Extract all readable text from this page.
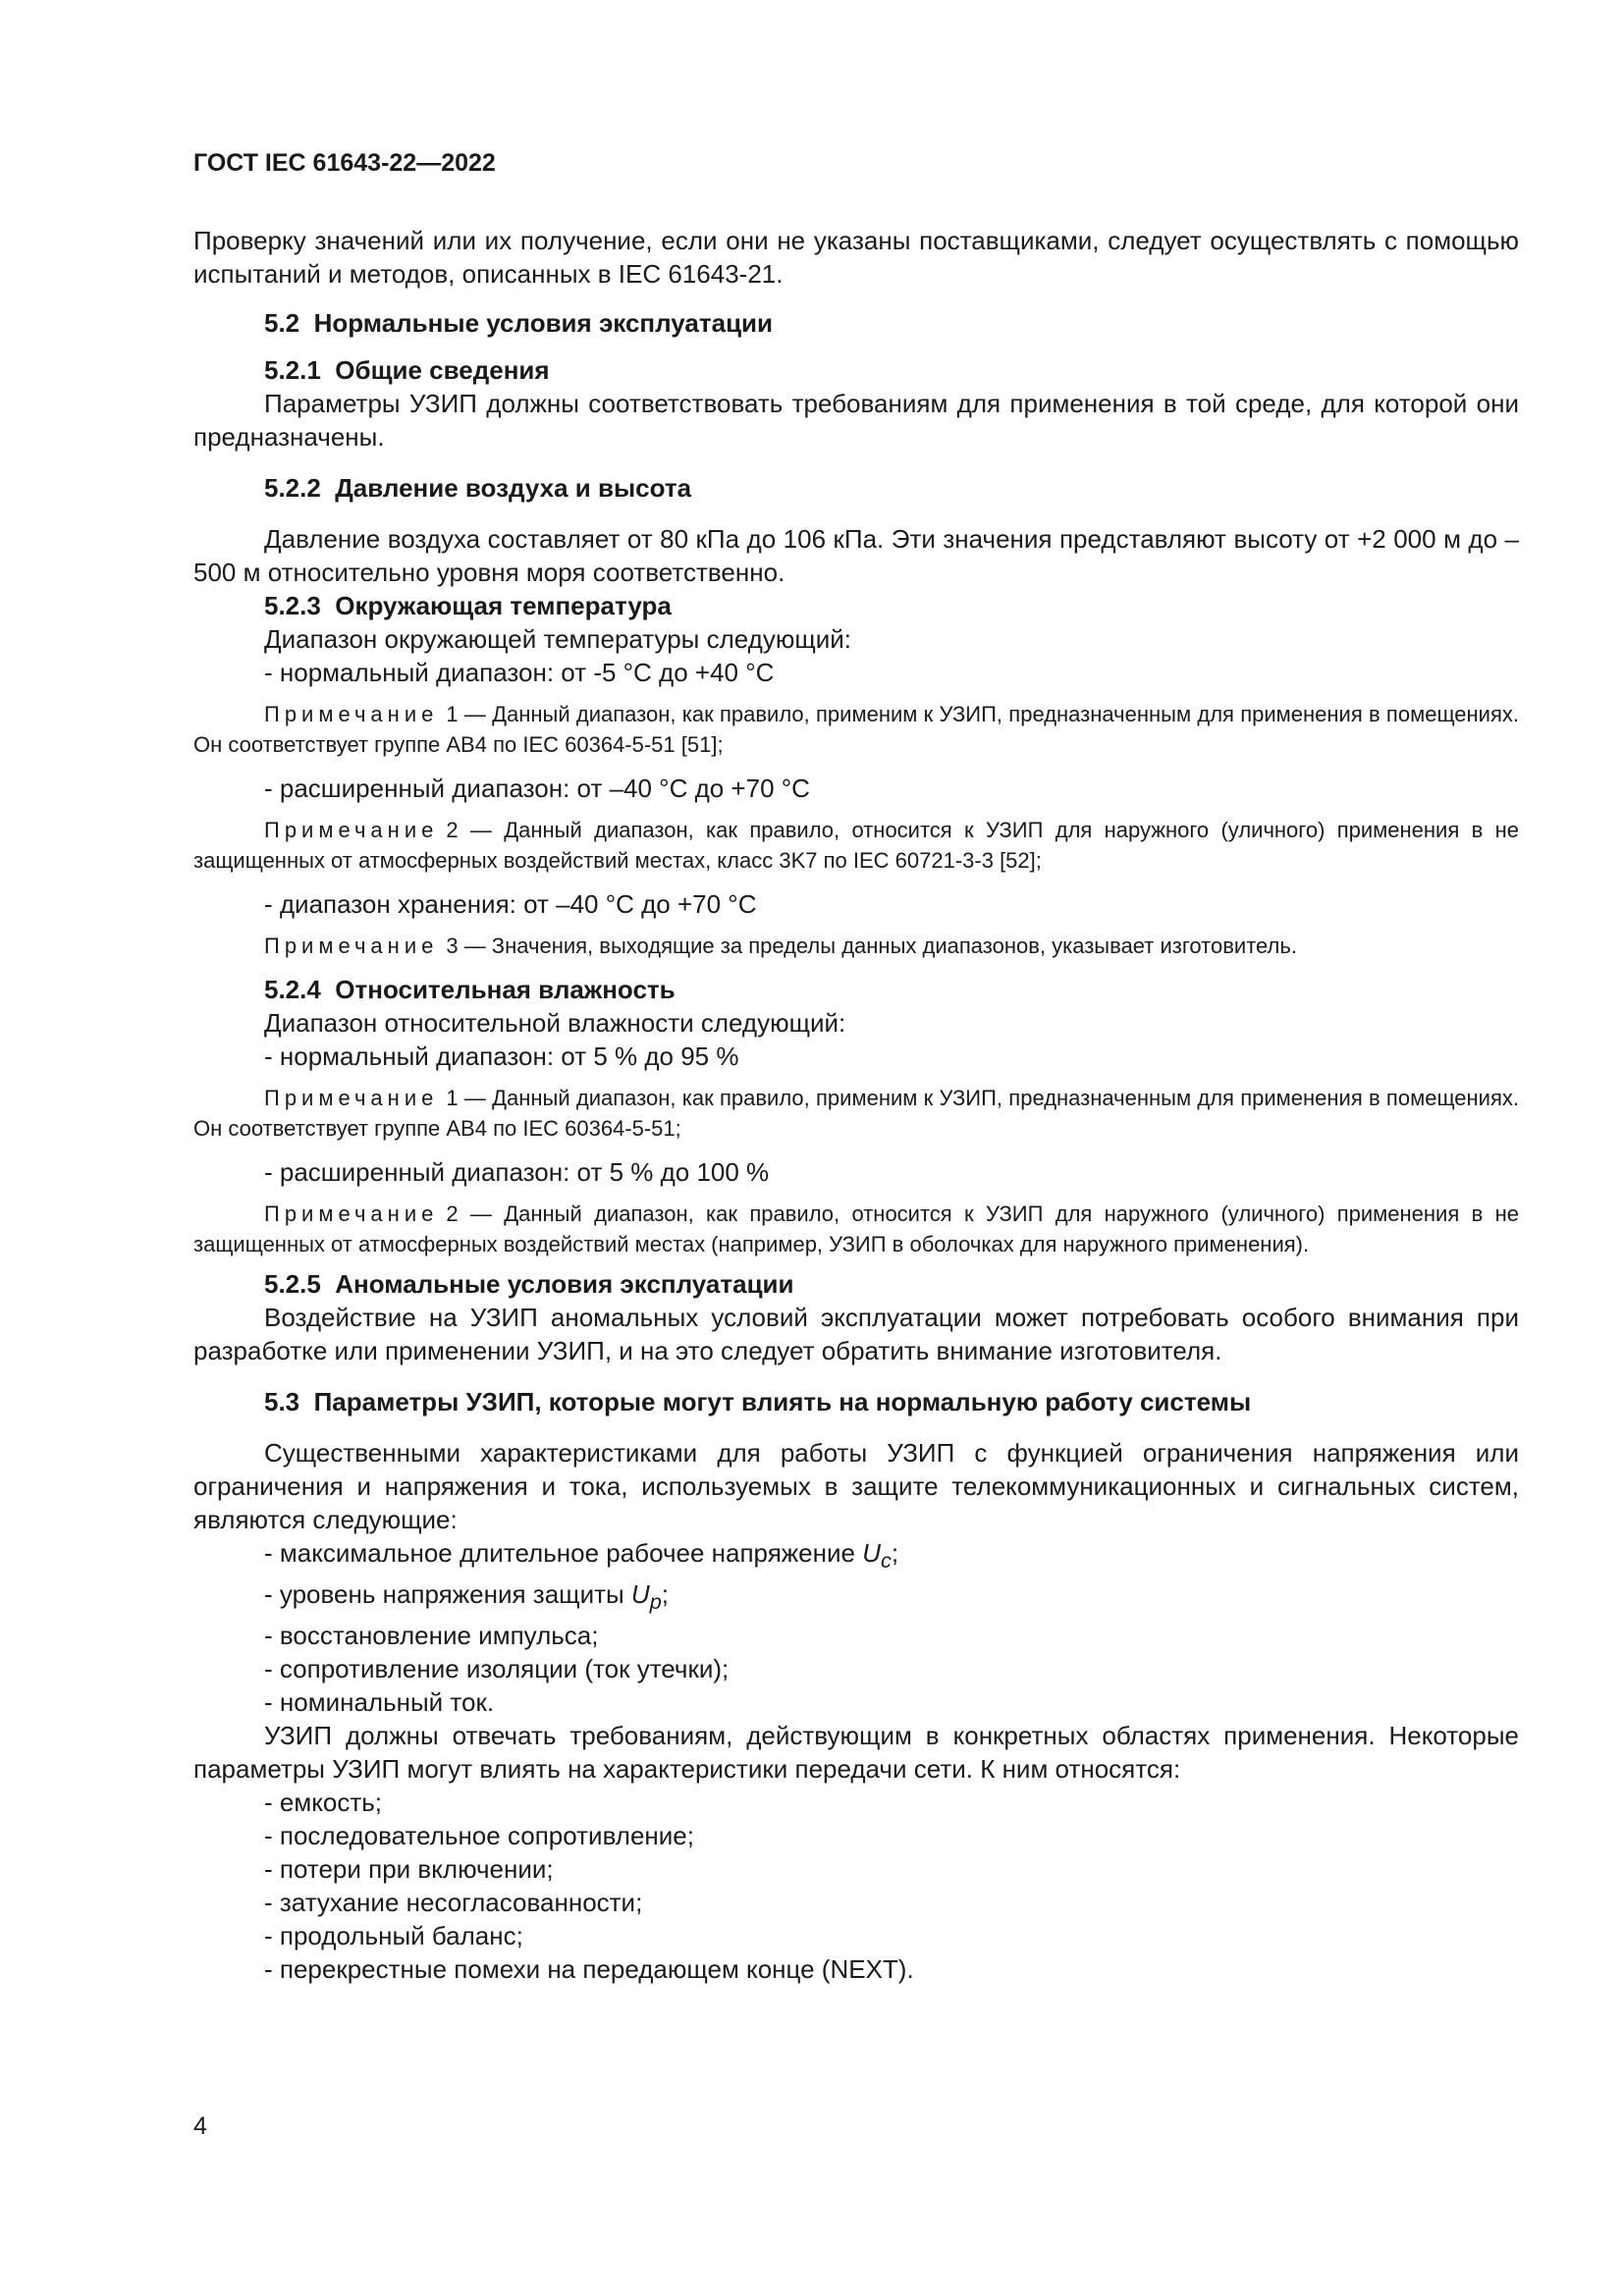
ГОСТ IEC 61643-22—2022

Проверку значений или их получение, если они не указаны поставщиками, следует осуществлять с помощью испытаний и методов, описанных в IEC 61643-21.

5.2 Нормальные условия эксплуатации

5.2.1 Общие сведения

Параметры УЗИП должны соответствовать требованиям для применения в той среде, для которой они предназначены.

5.2.2 Давление воздуха и высота

Давление воздуха составляет от 80 кПа до 106 кПа. Эти значения представляют высоту от +2 000 м до –500 м относительно уровня моря соответственно.

5.2.3 Окружающая температура

Диапазон окружающей температуры следующий:

- нормальный диапазон: от -5 °С до +40 °С

Примечание 1 — Данный диапазон, как правило, применим к УЗИП, предназначенным для применения в помещениях. Он соответствует группе АВ4 по IEC 60364-5-51 [51];

- расширенный диапазон: от –40 °С до +70 °С

Примечание 2 — Данный диапазон, как правило, относится к УЗИП для наружного (уличного) применения в не защищенных от атмосферных воздействий местах, класс 3K7 по IEC 60721-3-3 [52];

- диапазон хранения: от –40 °С до +70 °С

Примечание 3 — Значения, выходящие за пределы данных диапазонов, указывает изготовитель.

5.2.4 Относительная влажность

Диапазон относительной влажности следующий:

- нормальный диапазон: от 5 % до 95 %

Примечание 1 — Данный диапазон, как правило, применим к УЗИП, предназначенным для применения в помещениях. Он соответствует группе АВ4 по IEC 60364-5-51;

- расширенный диапазон: от 5 % до 100 %

Примечание 2 — Данный диапазон, как правило, относится к УЗИП для наружного (уличного) применения в не защищенных от атмосферных воздействий местах (например, УЗИП в оболочках для наружного применения).

5.2.5 Аномальные условия эксплуатации

Воздействие на УЗИП аномальных условий эксплуатации может потребовать особого внимания при разработке или применении УЗИП, и на это следует обратить внимание изготовителя.

5.3 Параметры УЗИП, которые могут влиять на нормальную работу системы

Существенными характеристиками для работы УЗИП с функцией ограничения напряжения или ограничения и напряжения и тока, используемых в защите телекоммуникационных и сигнальных систем, являются следующие:

- максимальное длительное рабочее напряжение $U_c$;

- уровень напряжения защиты $U_p$;

- восстановление импульса;

- сопротивление изоляции (ток утечки);

- номинальный ток.

УЗИП должны отвечать требованиям, действующим в конкретных областях применения. Некоторые параметры УЗИП могут влиять на характеристики передачи сети. К ним относятся:

- емкость;

- последовательное сопротивление;

- потери при включении;

- затухание несогласованности;

- продольный баланс;

- перекрестные помехи на передающем конце (NEXT).

4
